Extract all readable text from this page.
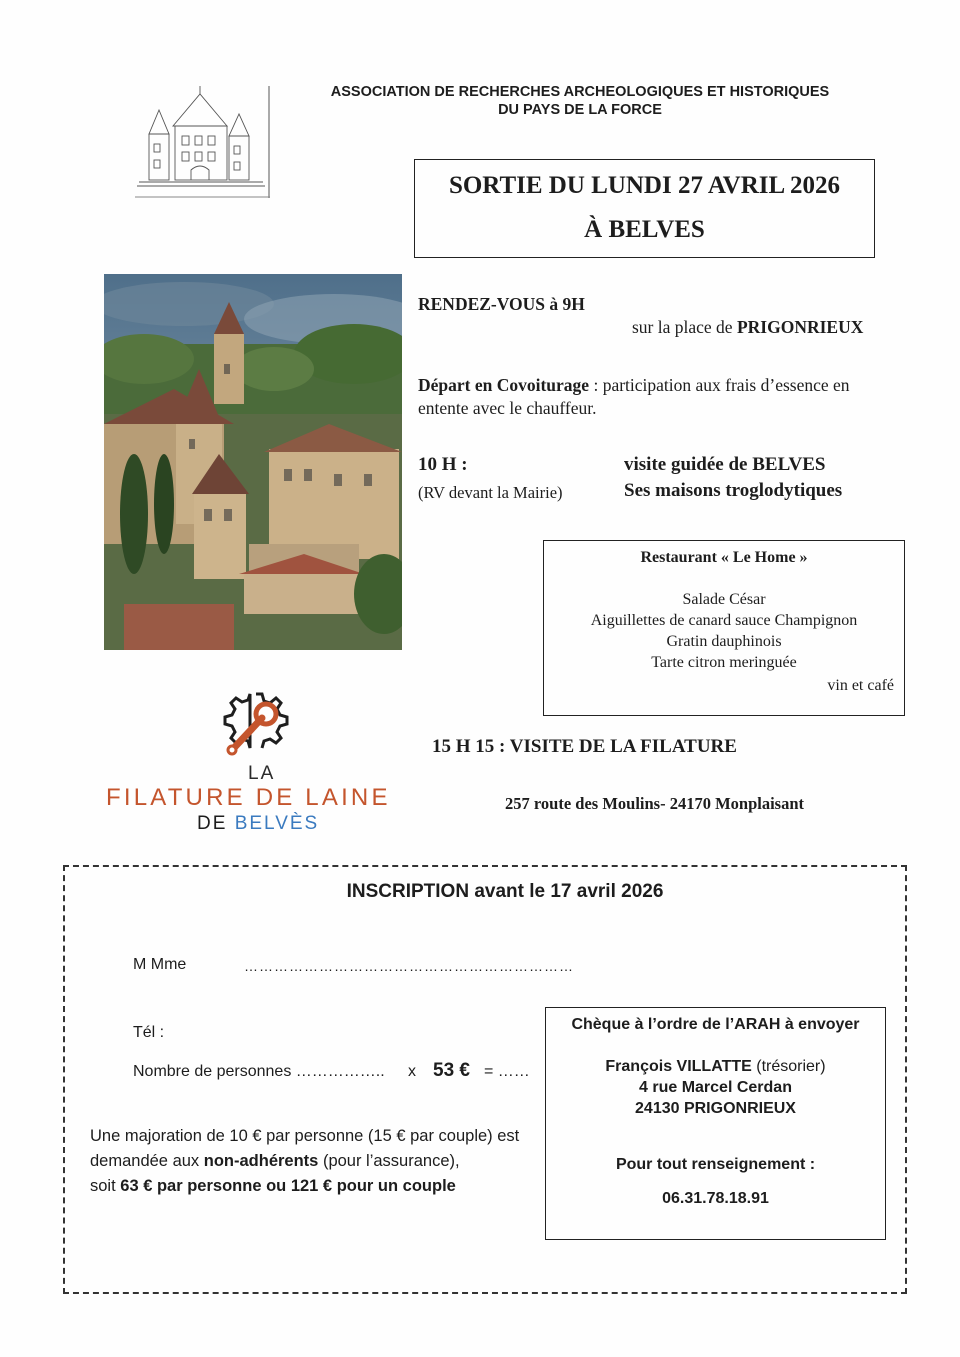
ASSOCIATION DE RECHERCHES ARCHEOLOGIQUES ET HISTORIQUES
DU PAYS DE LA FORCE
SORTIE DU LUNDI 27 AVRIL 2026
À BELVES
RENDEZ-VOUS à 9H
sur la place de PRIGONRIEUX
Départ en Covoiturage : participation aux frais d’essence en entente avec le chauffeur.
10 H :
(RV devant la Mairie)
visite guidée de BELVES
Ses maisons troglodytiques
Restaurant « Le Home »
Salade César
Aiguillettes de canard sauce Champignon
Gratin dauphinois
Tarte citron meringuée
vin et café
LA
FILATURE DE LAINE
DE BELVÈS
15 H 15 : VISITE DE LA FILATURE
257 route des Moulins- 24170 Monplaisant
INSCRIPTION avant le 17 avril 2026
M Mme	…………………………………………………………
Tél :
Nombre de personnes …………….. x 53 € = ……
Une majoration de 10 € par personne (15 € par couple) est demandée aux non-adhérents (pour l’assurance),
soit 63 € par personne ou 121 € pour un couple
Chèque à l’ordre de l’ARAH à envoyer
François VILLATTE (trésorier)
4 rue Marcel Cerdan
24130 PRIGONRIEUX
Pour tout renseignement :
06.31.78.18.91
